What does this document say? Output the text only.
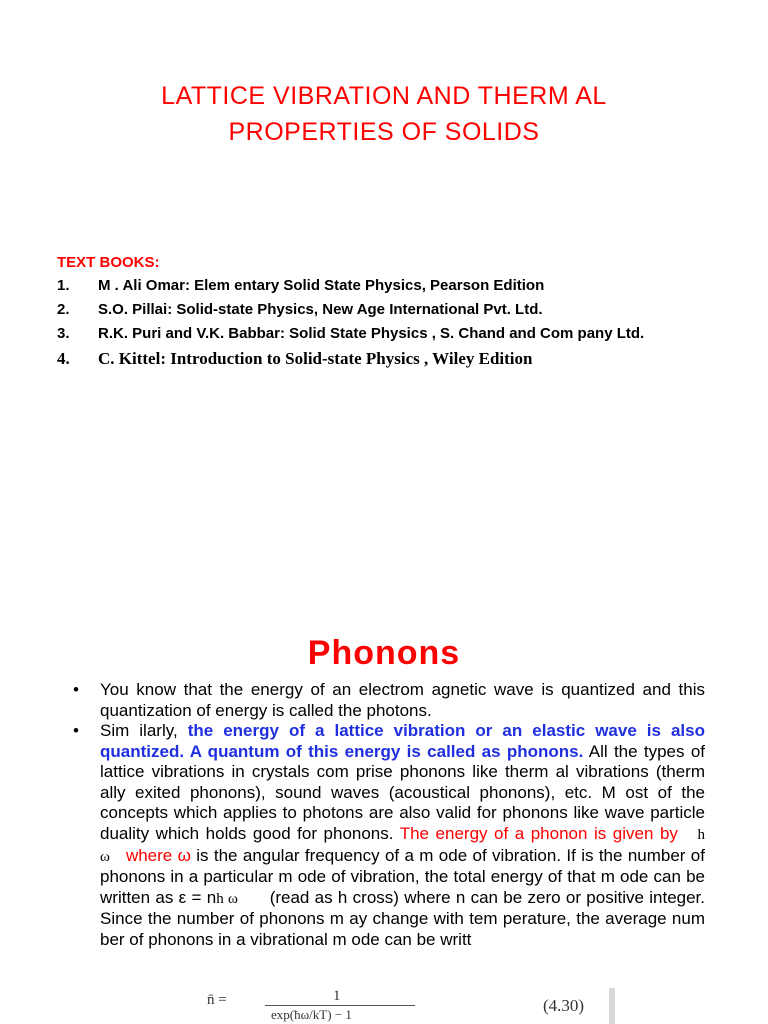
LATTICE VIBRATION AND THERM AL
PROPERTIES OF SOLIDS
TEXT BOOKS:
1. M . Ali Omar: Elem entary Solid State Physics, Pearson Edition
2. S.O. Pillai: Solid-state Physics, New Age International Pvt. Ltd.
3. R.K. Puri and V.K. Babbar: Solid State Physics , S. Chand and Com pany Ltd.
4. C. Kittel: Introduction to Solid-state Physics , Wiley Edition
Phonons
• You know that the energy of an electrom agnetic wave is quantized and this quantization of energy is called the photons.
• Sim ilarly, the energy of a lattice vibration or an elastic wave is also quantized. A quantum of this energy is called as phonons. All the types of lattice vibrations in crystals com prise phonons like therm al vibrations (therm ally exited phonons), sound waves (acoustical phonons), etc. M ost of the concepts which applies to photons are also valid for phonons like wave particle duality which holds good for phonons. The energy of a phonon is given by h ω where ω is the angular frequency of a m ode of vibration. If is the number of phonons in a particular m ode of vibration, the total energy of that m ode can be written as ε = nh ω      (read as h cross) where n can be zero or positive integer. Since the number of phonons m ay change with tem perature, the average num ber of phonons in a vibrational m ode can be writt
n̄ =	1
exp(ħω/kT) − 1	(4.30)
